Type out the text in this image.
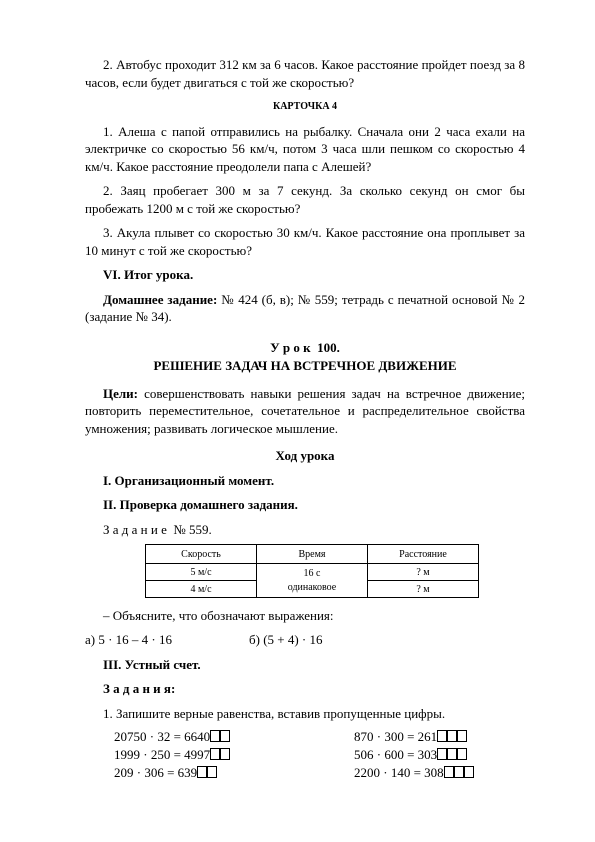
2. Автобус проходит 312 км за 6 часов. Какое расстояние пройдет поезд за 8 часов, если будет двигаться с той же скоростью?

КАРТОЧКА 4

1. Алеша с папой отправились на рыбалку. Сначала они 2 часа ехали на электричке со скоростью 56 км/ч, потом 3 часа шли пешком со скоростью 4 км/ч. Какое расстояние преодолели папа с Алешей?

2. Заяц пробегает 300 м за 7 секунд. За сколько секунд он смог бы пробежать 1200 м с той же скоростью?

3. Акула плывет со скоростью 30 км/ч. Какое расстояние она проплывет за 10 минут с той же скоростью?

VI. Итог урока.

Домашнее задание: № 424 (б, в); № 559; тетрадь с печатной основой № 2 (задание № 34).

У р о к  100.
РЕШЕНИЕ ЗАДАЧ НА ВСТРЕЧНОЕ ДВИЖЕНИЕ

Цели: совершенствовать навыки решения задач на встречное движение; повторить переместительное, сочетательное и распределительное свойства умножения; развивать логическое мышление.

Ход урока

I. Организационный момент.

II. Проверка домашнего задания.

З а д а н и е  № 559.

Скорость	Время	Расстояние
5 м/с	16 с одинаковое	? м
4 м/с		? м

– Объясните, что обозначают выражения:

а) 5 · 16 – 4 · 16	б) (5 + 4) · 16

III. Устный счет.

З а д а н и я:

1. Запишите верные равенства, вставив пропущенные цифры.

20750 · 32 = 6640	870 · 300 = 261
1999 · 250 = 4997	506 · 600 = 303
209 · 306 = 639	2200 · 140 = 308
